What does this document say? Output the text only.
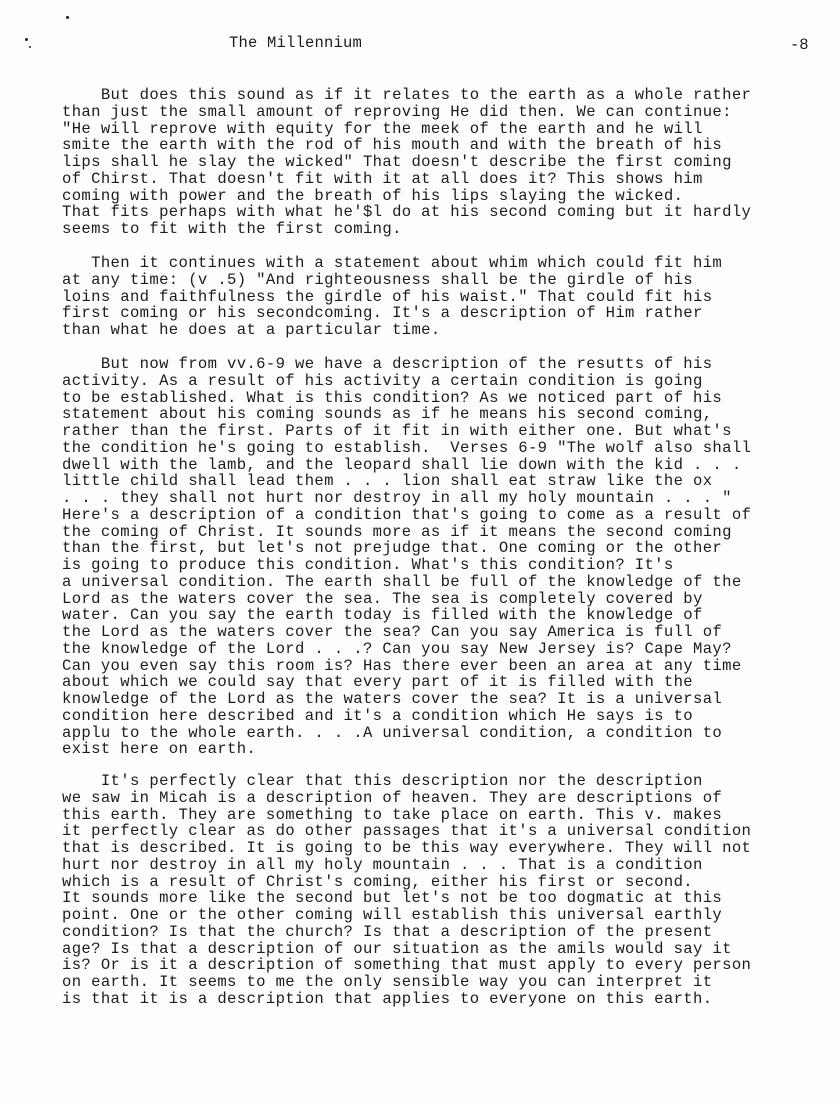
The Millennium	-8
But does this sound as if it relates to the earth as a whole rather
than just the small amount of reproving He did then. We can continue:
"He will reprove with equity for the meek of the earth and he will
smite the earth with the rod of his mouth and with the breath of his
lips shall he slay the wicked" That doesn't describe the first coming
of Chirst. That doesn't fit with it at all does it? This shows him
coming with power and the breath of his lips slaying the wicked.
That fits perhaps with what he'$l do at his second coming but it hardly
seems to fit with the first coming.
Then it continues with a statement about whim which could fit him
at any time: (v .5) "And righteousness shall be the girdle of his
loins and faithfulness the girdle of his waist." That could fit his
first coming or his secondcoming. It's a description of Him rather
than what he does at a particular time.
But now from vv.6-9 we have a description of the resutts of his
activity. As a result of his activity a certain condition is going
to be established. What is this condition? As we noticed part of his
statement about his coming sounds as if he means his second coming,
rather than the first. Parts of it fit in with either one. But what's
the condition he's going to establish.  Verses 6-9 "The wolf also shall
dwell with the lamb, and the leopard shall lie down with the kid . . .
little child shall lead them . . . lion shall eat straw like the ox
. . . they shall not hurt nor destroy in all my holy mountain . . . "
Here's a description of a condition that's going to come as a result of
the coming of Christ. It sounds more as if it means the second coming
than the first, but let's not prejudge that. One coming or the other
is going to produce this condition. What's this condition? It's
a universal condition. The earth shall be full of the knowledge of the
Lord as the waters cover the sea. The sea is completely covered by
water. Can you say the earth today is filled with the knowledge of
the Lord as the waters cover the sea? Can you say America is full of
the knowledge of the Lord . . .? Can you say New Jersey is? Cape May?
Can you even say this room is? Has there ever been an area at any time
about which we could say that every part of it is filled with the
knowledge of the Lord as the waters cover the sea? It is a universal
condition here described and it's a condition which He says is to
applu to the whole earth. . . .A universal condition, a condition to
exist here on earth.
It's perfectly clear that this description nor the description
we saw in Micah is a description of heaven. They are descriptions of
this earth. They are something to take place on earth. This v. makes
it perfectly clear as do other passages that it's a universal condition
that is described. It is going to be this way everywhere. They will not
hurt nor destroy in all my holy mountain . . . That is a condition
which is a result of Christ's coming, either his first or second.
It sounds more like the second but let's not be too dogmatic at this
point. One or the other coming will establish this universal earthly
condition? Is that the church? Is that a description of the present
age? Is that a description of our situation as the amils would say it
is? Or is it a description of something that must apply to every person
on earth. It seems to me the only sensible way you can interpret it
is that it is a description that applies to everyone on this earth.
